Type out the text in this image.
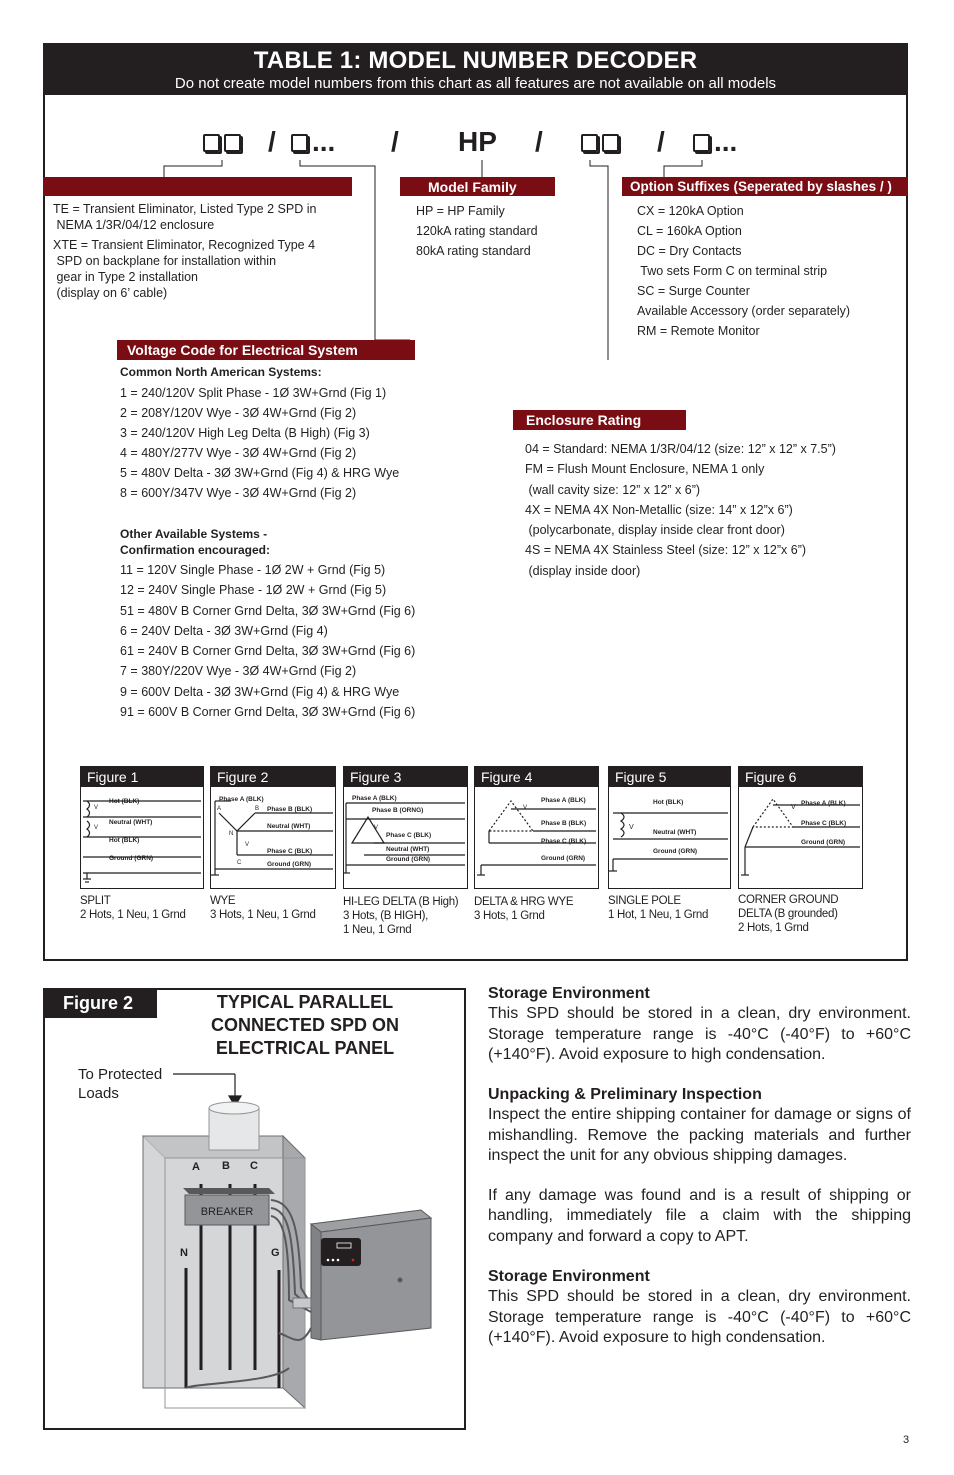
TABLE 1: MODEL NUMBER DECODER
Do not create model numbers from this chart as all features are not available on all models
/	... / HP /	/	...
TE = Transient Eliminator, Listed Type 2 SPD in
NEMA 1/3R/04/12 enclosure
XTE = Transient Eliminator, Recognized Type 4
SPD on backplane for installation within
gear in Type 2 installation
(display on 6’ cable)
Model Family
HP = HP Family
120kA rating standard
80kA rating standard
Option Suffixes (Seperated by slashes / )
CX = 120kA Option
CL = 160kA Option
DC = Dry Contacts
Two sets Form C on terminal strip
SC = Surge Counter
Available Accessory (order separately)
RM = Remote Monitor
Voltage Code for Electrical System
Common North American Systems:
1 = 240/120V Split Phase - 1Ø 3W+Grnd (Fig 1)
2 = 208Y/120V Wye - 3Ø 4W+Grnd (Fig 2)
3 = 240/120V High Leg Delta (B High) (Fig 3)
4 = 480Y/277V Wye - 3Ø 4W+Grnd (Fig 2)
5 = 480V Delta - 3Ø 3W+Grnd (Fig 4) & HRG Wye
8 = 600Y/347V Wye - 3Ø 4W+Grnd (Fig 2)
Other Available Systems -
Confirmation encouraged:
11 = 120V Single Phase - 1Ø 2W + Grnd (Fig 5)
12 = 240V Single Phase - 1Ø 2W + Grnd (Fig 5)
51 = 480V B Corner Grnd Delta, 3Ø 3W+Grnd (Fig 6)
6 = 240V Delta - 3Ø 3W+Grnd (Fig 4)
61 = 240V B Corner Grnd Delta, 3Ø 3W+Grnd (Fig 6)
7 = 380Y/220V Wye - 3Ø 4W+Grnd (Fig 2)
9 = 600V Delta - 3Ø 3W+Grnd (Fig 4) & HRG Wye
91 = 600V B Corner Grnd Delta, 3Ø 3W+Grnd (Fig 6)
Enclosure Rating
04 = Standard: NEMA 1/3R/04/12 (size: 12” x 12” x 7.5”)
FM = Flush Mount Enclosure, NEMA 1 only
(wall cavity size: 12” x 12” x 6”)
4X = NEMA 4X Non-Metallic (size: 14” x 12”x 6”)
(polycarbonate, display inside clear front door)
4S = NEMA 4X Stainless Steel (size: 12” x 12”x 6”)
(display inside door)
Figure 1
V
V
Hot (BLK)
Neutral (WHT)
Hot (BLK)
Ground (GRN)
SPLIT
2 Hots, 1 Neu, 1 Grnd
Figure 2
A	B
N
C
V
Phase A (BLK)
Phase B (BLK)
Neutral (WHT)
Phase C (BLK)
Ground (GRN)
WYE
3 Hots, 1 Neu, 1 Grnd
Figure 3
V
Phase A (BLK)
Phase B (ORNG)
Phase C (BLK)
Neutral (WHT)
Ground (GRN)
HI-LEG DELTA (B High)
3 Hots, (B HIGH),
1 Neu, 1 Grnd
Figure 4
V
Phase A (BLK)
Phase B (BLK)
Phase C (BLK)
Ground (GRN)
DELTA & HRG WYE
3 Hots, 1 Grnd
Figure 5
V
Hot (BLK)
Neutral (WHT)
Ground (GRN)
SINGLE POLE
1 Hot, 1 Neu, 1 Grnd
Figure 6
V
Phase A (BLK)
Phase C (BLK)
Ground (GRN)
CORNER GROUND
DELTA (B grounded)
2 Hots, 1 Grnd
Figure 2	TYPICAL PARALLEL
CONNECTED SPD ON
ELECTRICAL PANEL
To Protected
Loads
BREAKER
A B C
N	G
Storage Environment
This SPD should be stored in a clean, dry environment. Storage temperature range is -40°C (-40°F) to +60°C (+140°F). Avoid exposure to high condensation.
Unpacking & Preliminary Inspection
Inspect the entire shipping container for damage or signs of mishandling. Remove the packing materials and further inspect the unit for any obvious shipping damages.
If any damage was found and is a result of shipping or handling, immediately file a claim with the shipping company and forward a copy to APT.
Storage Environment
This SPD should be stored in a clean, dry environment. Storage temperature range is -40°C (-40°F) to +60°C (+140°F). Avoid exposure to high condensation.
3
